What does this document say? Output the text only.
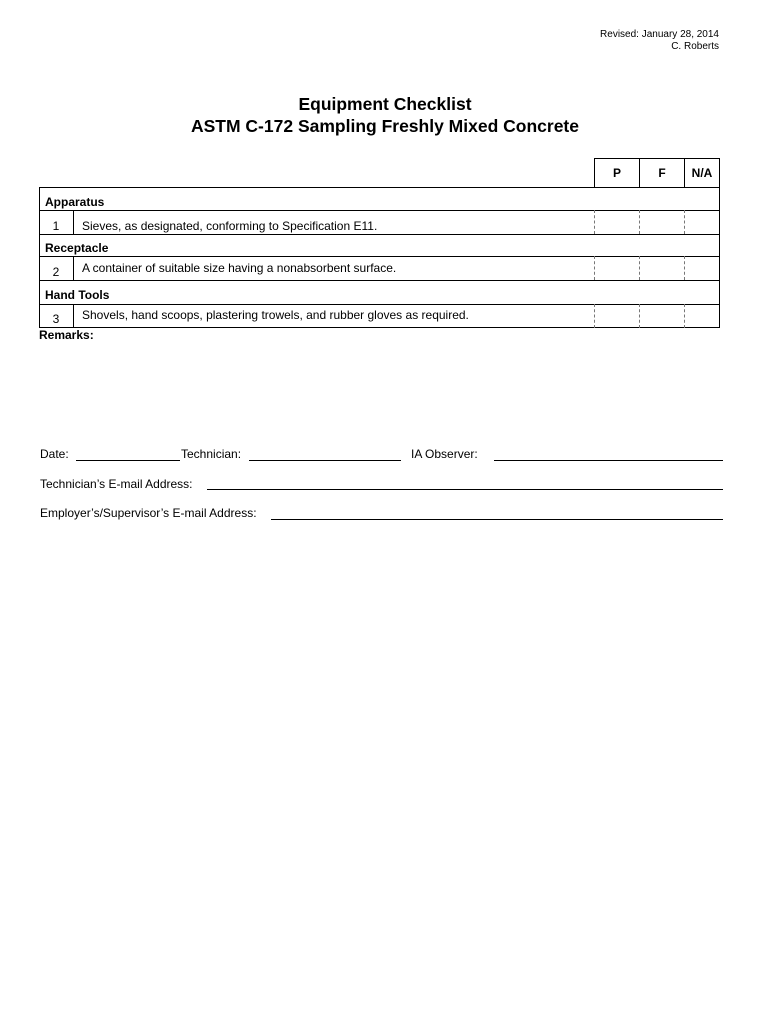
Revised: January 28, 2014
C. Roberts
Equipment Checklist
ASTM C-172 Sampling Freshly Mixed Concrete
P	F	N/A
Apparatus
1	Sieves, as designated, conforming to Specification E11.
Receptacle
2	A container of suitable size having a nonabsorbent surface.
Hand Tools
3	Shovels, hand scoops, plastering trowels, and rubber gloves as required.
Remarks:
Date:	Technician:	IA Observer:
Technician’s E-mail Address:
Employer’s/Supervisor’s E-mail Address:
